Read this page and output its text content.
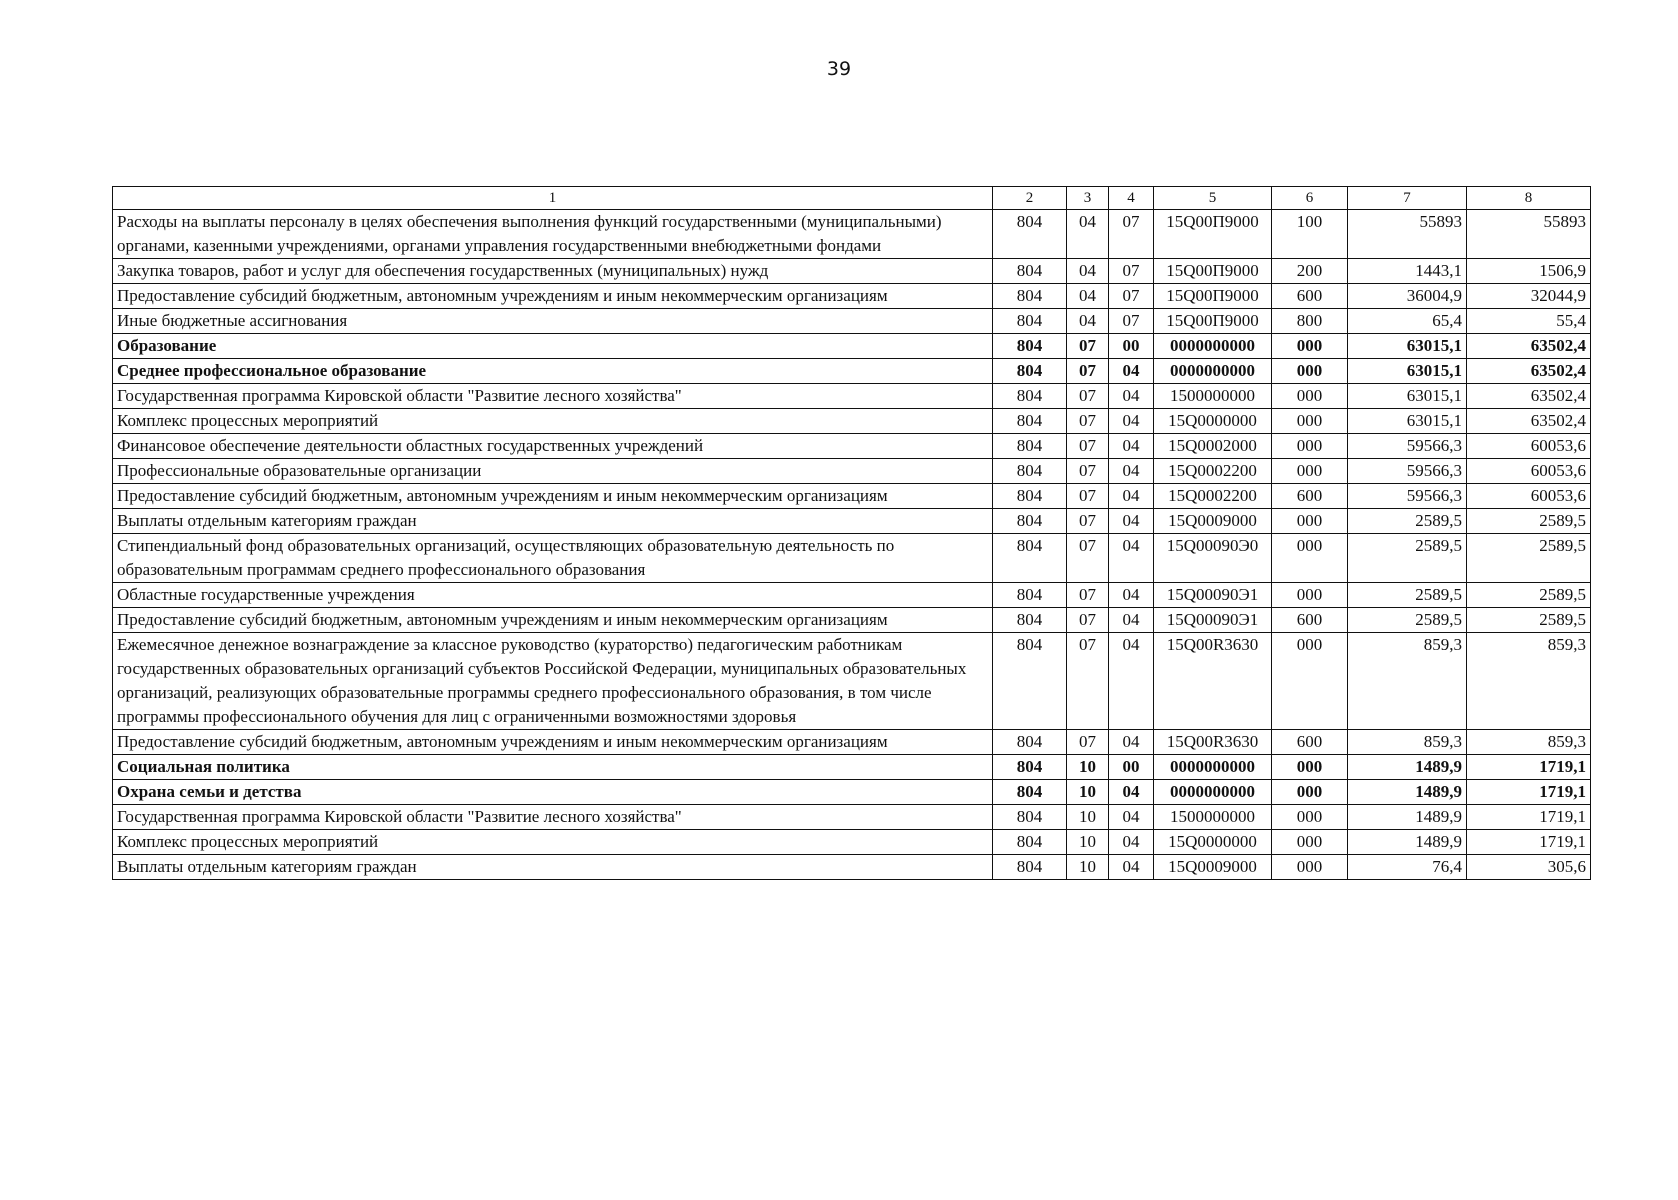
39
1	2	3	4	5	6	7	8
Расходы на выплаты персоналу в целях обеспечения выполнения функций государственными (муниципальными) органами, казенными учреждениями, органами управления государственными внебюджетными фондами	804	04	07	15Q00П9000	100	55893	55893
Закупка товаров, работ и услуг для обеспечения государственных (муниципальных) нужд	804	04	07	15Q00П9000	200	1443,1	1506,9
Предоставление субсидий бюджетным, автономным учреждениям и иным некоммерческим организациям	804	04	07	15Q00П9000	600	36004,9	32044,9
Иные бюджетные ассигнования	804	04	07	15Q00П9000	800	65,4	55,4
Образование	804	07	00	0000000000	000	63015,1	63502,4
Среднее профессиональное образование	804	07	04	0000000000	000	63015,1	63502,4
Государственная программа Кировской области "Развитие лесного хозяйства"	804	07	04	1500000000	000	63015,1	63502,4
Комплекс процессных мероприятий	804	07	04	15Q0000000	000	63015,1	63502,4
Финансовое обеспечение деятельности областных государственных учреждений	804	07	04	15Q0002000	000	59566,3	60053,6
Профессиональные образовательные организации	804	07	04	15Q0002200	000	59566,3	60053,6
Предоставление субсидий бюджетным, автономным учреждениям и иным некоммерческим организациям	804	07	04	15Q0002200	600	59566,3	60053,6
Выплаты отдельным категориям граждан	804	07	04	15Q0009000	000	2589,5	2589,5
Стипендиальный фонд образовательных организаций, осуществляющих образовательную деятельность по образовательным программам среднего профессионального образования	804	07	04	15Q00090Э0	000	2589,5	2589,5
Областные государственные учреждения	804	07	04	15Q00090Э1	000	2589,5	2589,5
Предоставление субсидий бюджетным, автономным учреждениям и иным некоммерческим организациям	804	07	04	15Q00090Э1	600	2589,5	2589,5
Ежемесячное денежное вознаграждение за классное руководство (кураторство) педагогическим работникам государственных образовательных организаций субъектов Российской Федерации, муниципальных образовательных организаций, реализующих образовательные программы среднего профессионального образования, в том числе программы профессионального обучения для лиц с ограниченными возможностями здоровья	804	07	04	15Q00R3630	000	859,3	859,3
Предоставление субсидий бюджетным, автономным учреждениям и иным некоммерческим организациям	804	07	04	15Q00R3630	600	859,3	859,3
Социальная политика	804	10	00	0000000000	000	1489,9	1719,1
Охрана семьи и детства	804	10	04	0000000000	000	1489,9	1719,1
Государственная программа Кировской области "Развитие лесного хозяйства"	804	10	04	1500000000	000	1489,9	1719,1
Комплекс процессных мероприятий	804	10	04	15Q0000000	000	1489,9	1719,1
Выплаты отдельным категориям граждан	804	10	04	15Q0009000	000	76,4	305,6
